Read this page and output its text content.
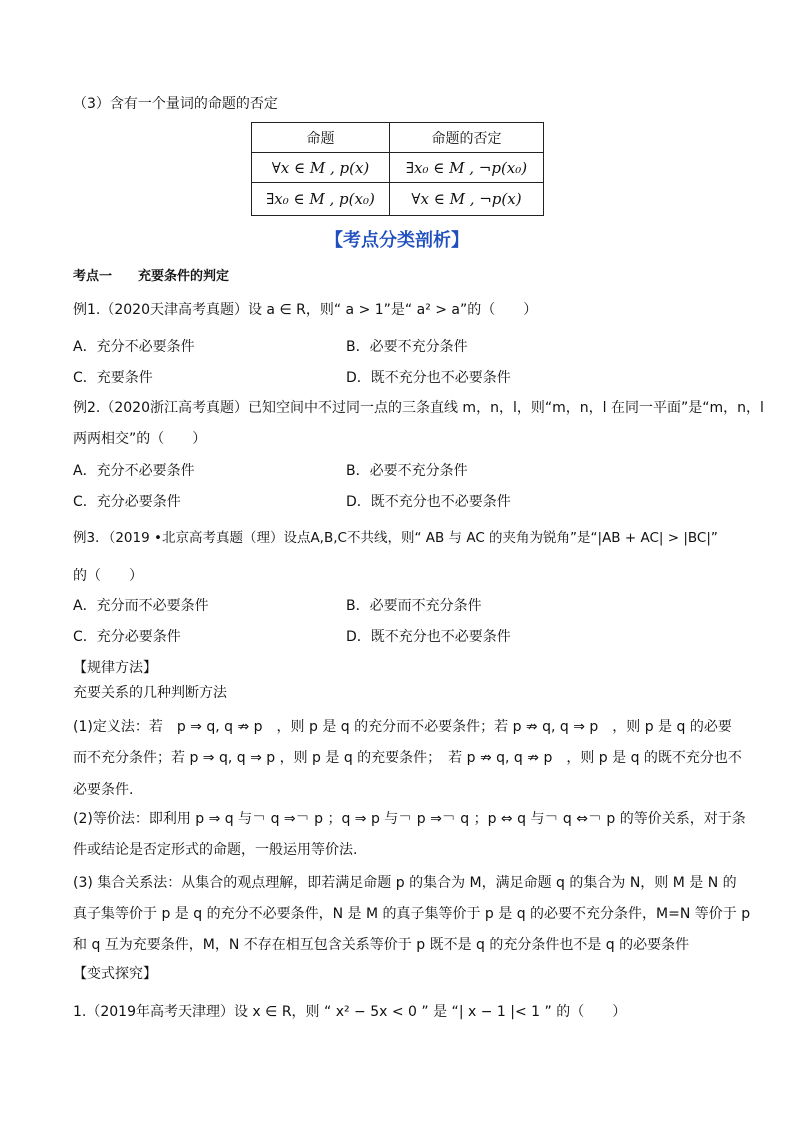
（3）含有一个量词的命题的否定
命题	命题的否定
∀x ∈ M , p(x)	∃x₀ ∈ M , ¬p(x₀)
∃x₀ ∈ M , p(x₀)	∀x ∈ M , ¬p(x)
【考点分类剖析】
考点一　　充要条件的判定
例1.（2020天津高考真题）设 a ∈ R，则“ a > 1”是“ a² > a”的（　　）
A．充分不必要条件	B．必要不充分条件
C．充要条件	D．既不充分也不必要条件
例2.（2020浙江高考真题）已知空间中不过同一点的三条直线 m，n，l，则“m，n，l 在同一平面”是“m，n，l
两两相交”的（　　）
A．充分不必要条件	B．必要不充分条件
C．充分必要条件	D．既不充分也不必要条件
例3．（2019 •北京高考真题（理）设点A,B,C不共线，则“ AB 与 AC 的夹角为锐角”是“|AB + AC| > |BC|”
的（　　）
A．充分而不必要条件	B．必要而不充分条件
C．充分必要条件	D．既不充分也不必要条件
【规律方法】
充要关系的几种判断方法
(1)定义法：若　p ⇒ q, q ⇏ p　，则 p 是 q 的充分而不必要条件；若 p ⇏ q, q ⇒ p　，则 p 是 q 的必要
而不充分条件；若 p ⇒ q, q ⇒ p ，则 p 是 q 的充要条件；　若 p ⇏ q, q ⇏ p　，则 p 是 q 的既不充分也不
必要条件.
(2)等价法：即利用 p ⇒ q 与￢ q ⇒￢ p ；q ⇒ p 与￢ p ⇒￢ q ；p ⇔ q 与￢ q ⇔￢ p 的等价关系，对于条
件或结论是否定形式的命题，一般运用等价法.
(3) 集合关系法：从集合的观点理解，即若满足命题 p 的集合为 M，满足命题 q 的集合为 N，则 M 是 N 的
真子集等价于 p 是 q 的充分不必要条件，N 是 M 的真子集等价于 p 是 q 的必要不充分条件，M=N 等价于 p
和 q 互为充要条件，M，N 不存在相互包含关系等价于 p 既不是 q 的充分条件也不是 q 的必要条件
【变式探究】
1.（2019年高考天津理）设 x ∈ R，则 “ x² − 5x < 0 ” 是 “| x − 1 |< 1 ” 的（　　）
